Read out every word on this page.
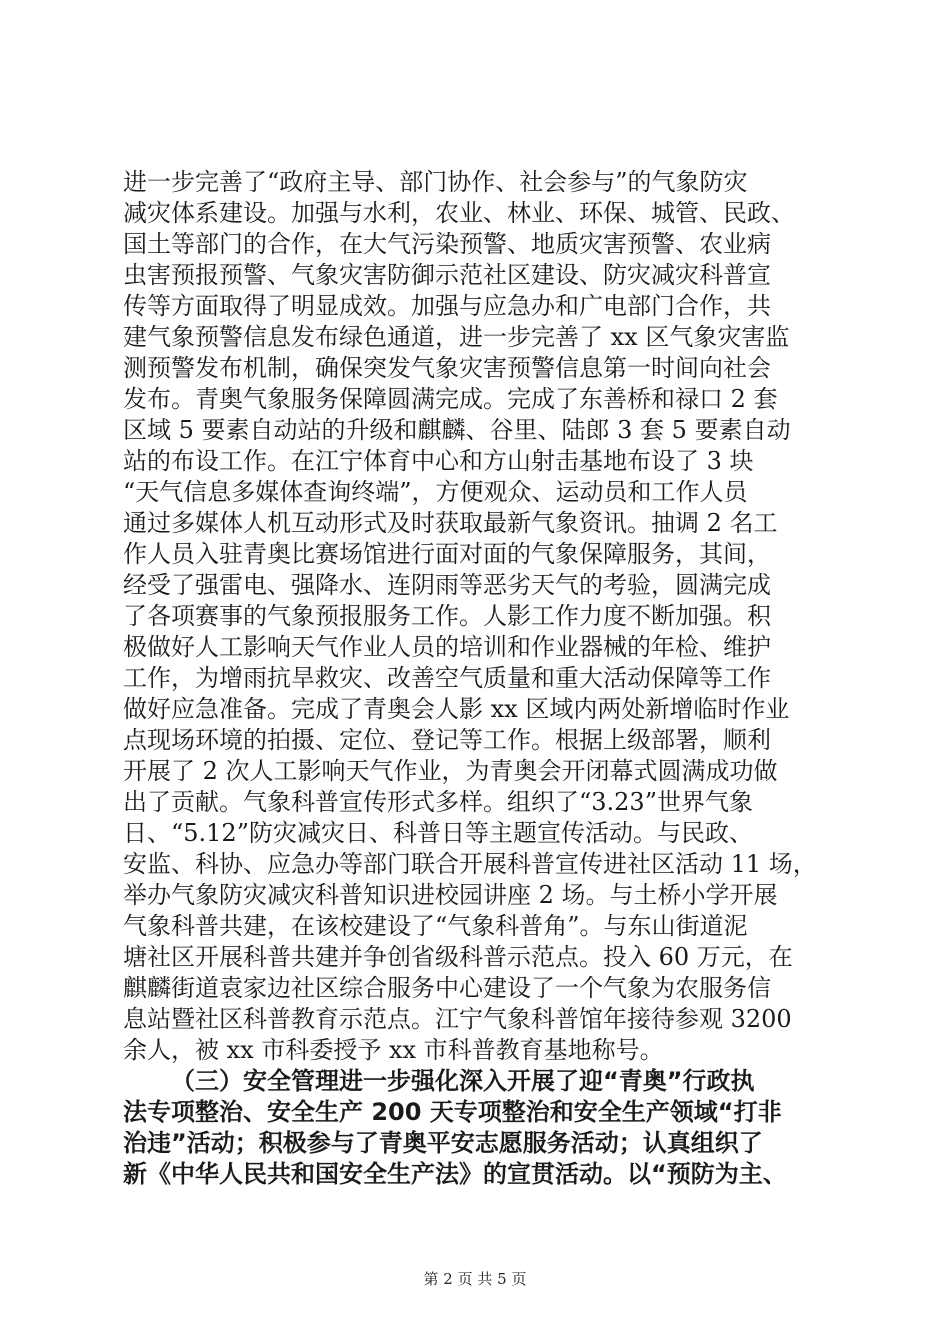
进一步完善了“政府主导、部门协作、社会参与”的气象防灾
减灾体系建设。加强与水利，农业、林业、环保、城管、民政、
国土等部门的合作，在大气污染预警、地质灾害预警、农业病
虫害预报预警、气象灾害防御示范社区建设、防灾减灾科普宣
传等方面取得了明显成效。加强与应急办和广电部门合作，共
建气象预警信息发布绿色通道，进一步完善了 xx 区气象灾害监
测预警发布机制，确保突发气象灾害预警信息第一时间向社会
发布。青奥气象服务保障圆满完成。完成了东善桥和禄口 2 套
区域 5 要素自动站的升级和麒麟、谷里、陆郎 3 套 5 要素自动
站的布设工作。在江宁体育中心和方山射击基地布设了 3 块
“天气信息多媒体查询终端”，方便观众、运动员和工作人员
通过多媒体人机互动形式及时获取最新气象资讯。抽调 2 名工
作人员入驻青奥比赛场馆进行面对面的气象保障服务，其间，
经受了强雷电、强降水、连阴雨等恶劣天气的考验，圆满完成
了各项赛事的气象预报服务工作。人影工作力度不断加强。积
极做好人工影响天气作业人员的培训和作业器械的年检、维护
工作，为增雨抗旱救灾、改善空气质量和重大活动保障等工作
做好应急准备。完成了青奥会人影 xx 区域内两处新增临时作业
点现场环境的拍摄、定位、登记等工作。根据上级部署，顺利
开展了 2 次人工影响天气作业，为青奥会开闭幕式圆满成功做
出了贡献。气象科普宣传形式多样。组织了“3.23”世界气象
日、“5.12”防灾减灾日、科普日等主题宣传活动。与民政、
安监、科协、应急办等部门联合开展科普宣传进社区活动 11 场，
举办气象防灾减灾科普知识进校园讲座 2 场。与土桥小学开展
气象科普共建，在该校建设了“气象科普角”。与东山街道泥
塘社区开展科普共建并争创省级科普示范点。投入 60 万元，在
麒麟街道袁家边社区综合服务中心建设了一个气象为农服务信
息站暨社区科普教育示范点。江宁气象科普馆年接待参观 3200
余人，被 xx 市科委授予 xx 市科普教育基地称号。
（三）安全管理进一步强化深入开展了迎“青奥”行政执
法专项整治、安全生产 200 天专项整治和安全生产领域“打非
治违”活动；积极参与了青奥平安志愿服务活动；认真组织了
新《中华人民共和国安全生产法》的宣贯活动。以“预防为主、
第 2 页 共 5 页
